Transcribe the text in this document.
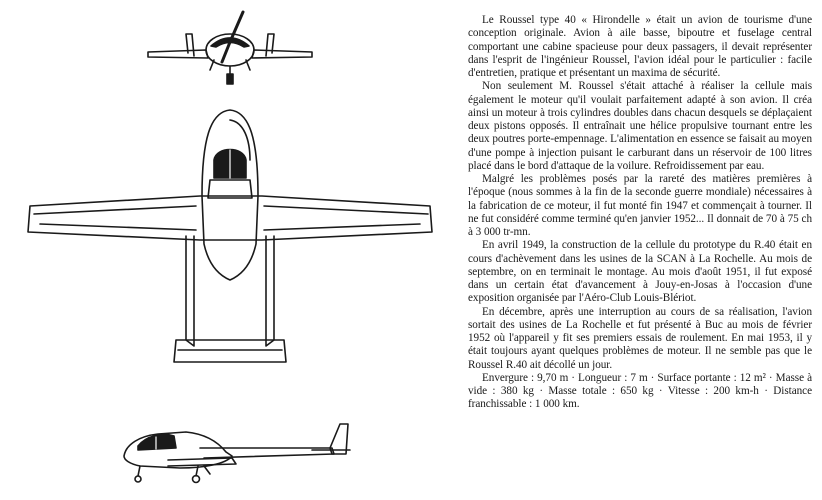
Le Roussel type 40 « Hirondelle » était un avion de tourisme d'une conception originale. Avion à aile basse, bipoutre et fuselage central comportant une cabine spacieuse pour deux passagers, il devait représenter dans l'esprit de l'ingénieur Roussel, l'avion idéal pour le particulier : facile d'entretien, pratique et présentant un maxima de sécurité.

Non seulement M. Roussel s'était attaché à réaliser la cellule mais également le moteur qu'il voulait parfaitement adapté à son avion. Il créa ainsi un moteur à trois cylindres doubles dans chacun desquels se déplaçaient deux pistons opposés. Il entraînait une hélice propulsive tournant entre les deux poutres porte-empennage. L'alimentation en essence se faisait au moyen d'une pompe à injection puisant le carburant dans un réservoir de 100 litres placé dans le bord d'attaque de la voilure. Refroidissement par eau.

Malgré les problèmes posés par la rareté des matières premières à l'époque (nous sommes à la fin de la seconde guerre mondiale) nécessaires à la fabrication de ce moteur, il fut monté fin 1947 et commençait à tourner. Il ne fut considéré comme terminé qu'en janvier 1952... Il donnait de 70 à 75 ch à 3 000 tr-mn.

En avril 1949, la construction de la cellule du prototype du R.40 était en cours d'achèvement dans les usines de la SCAN à La Rochelle. Au mois de septembre, on en terminait le montage. Au mois d'août 1951, il fut exposé dans un certain état d'avancement à Jouy-en-Josas à l'occasion d'une exposition organisée par l'Aéro-Club Louis-Blériot.

En décembre, après une interruption au cours de sa réalisation, l'avion sortait des usines de La Rochelle et fut présenté à Buc au mois de février 1952 où l'appareil y fit ses premiers essais de roulement. En mai 1953, il y était toujours ayant quelques problèmes de moteur. Il ne semble pas que le Roussel R.40 ait décollé un jour.

Envergure : 9,70 m · Longueur : 7 m · Surface portante : 12 m² · Masse à vide : 380 kg · Masse totale : 650 kg · Vitesse : 200 km-h · Distance franchissable : 1 000 km.
